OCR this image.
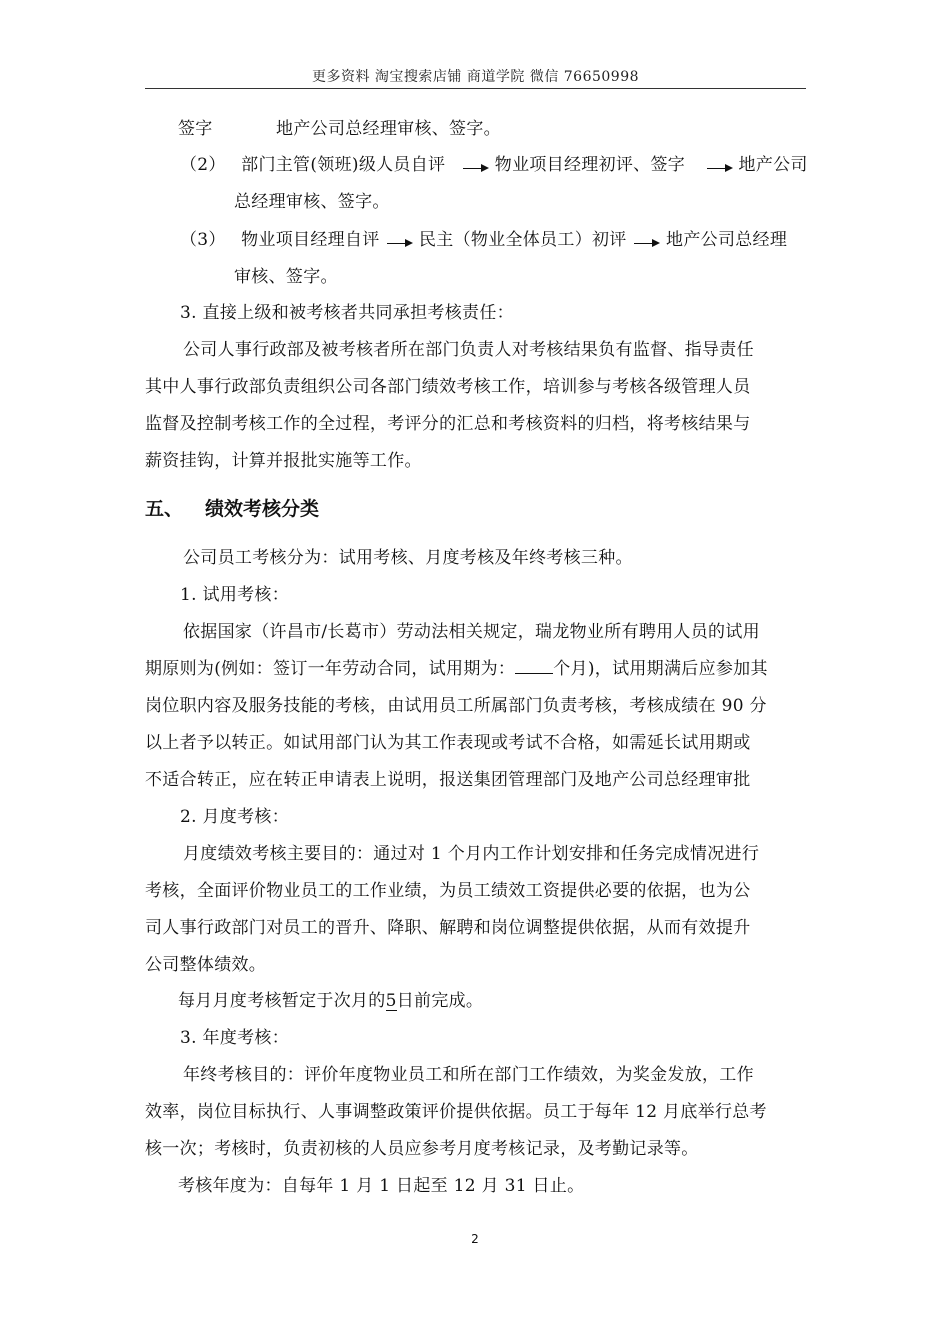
更多资料 淘宝搜索店铺 商道学院 微信 76650998
签字	地产公司总经理审核、签字。
（2） 部门主管(领班)级人员自评	物业项目经理初评、签字	地产公司
总经理审核、签字。
（3） 物业项目经理自评 民主（物业全体员工）初评 地产公司总经理
审核、签字。
3. 直接上级和被考核者共同承担考核责任：
公司人事行政部及被考核者所在部门负责人对考核结果负有监督、指导责任
其中人事行政部负责组织公司各部门绩效考核工作，培训参与考核各级管理人员
监督及控制考核工作的全过程，考评分的汇总和考核资料的归档，将考核结果与
薪资挂钩，计算并报批实施等工作。
五、 绩效考核分类
公司员工考核分为：试用考核、月度考核及年终考核三种。
1. 试用考核：
依据国家（许昌市/长葛市）劳动法相关规定，瑞龙物业所有聘用人员的试用
期原则为(例如：签订一年劳动合同，试用期为： 个月)，试用期满后应参加其
岗位职内容及服务技能的考核，由试用员工所属部门负责考核，考核成绩在 90 分
以上者予以转正。如试用部门认为其工作表现或考试不合格，如需延长试用期或
不适合转正，应在转正申请表上说明，报送集团管理部门及地产公司总经理审批
2. 月度考核：
月度绩效考核主要目的：通过对 1 个月内工作计划安排和任务完成情况进行
考核，全面评价物业员工的工作业绩，为员工绩效工资提供必要的依据，也为公
司人事行政部门对员工的晋升、降职、解聘和岗位调整提供依据，从而有效提升
公司整体绩效。
每月月度考核暂定于次月的5日前完成。
3. 年度考核：
年终考核目的：评价年度物业员工和所在部门工作绩效，为奖金发放，工作
效率，岗位目标执行、人事调整政策评价提供依据。员工于每年 12 月底举行总考
核一次；考核时，负责初核的人员应参考月度考核记录，及考勤记录等。
考核年度为：自每年 1 月 1 日起至 12 月 31 日止。
2
